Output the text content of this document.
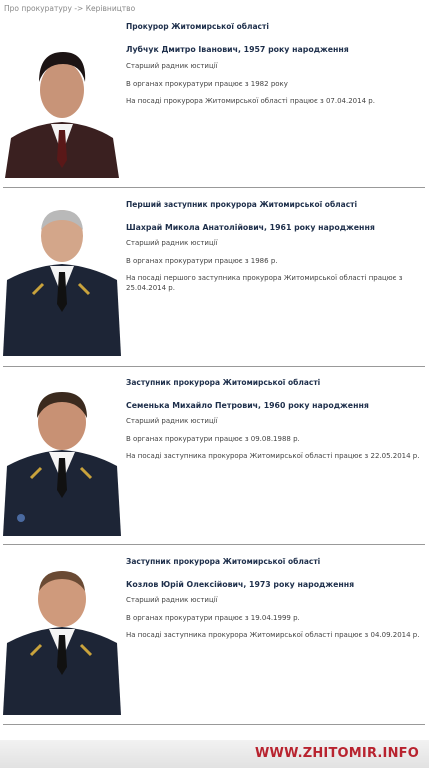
Про прокуратуру -> Керівництво
Прокурор Житомирської області
Лубчук Дмитро Іванович, 1957 року народження
Старший радник юстиції
В органах прокуратури працює з 1982 року
На посаді прокурора Житомирської області працює з 07.04.2014 р.
Перший заступник прокурора Житомирської області
Шахрай Микола Анатолійович, 1961 року народження
Старший радник юстиції
В органах прокуратури працює з 1986 р.
На посаді першого заступника прокурора Житомирської області працює з 25.04.2014 р.
Заступник прокурора Житомирської області
Семенька Михайло Петрович, 1960 року народження
Старший радник юстиції
В органах прокуратури працює з 09.08.1988 р.
На посаді заступника прокурора Житомирської області працює з 22.05.2014 р.
Заступник прокурора Житомирської області
Козлов Юрій Олексійович, 1973 року народження
Старший радник юстиції
В органах прокуратури працює з 19.04.1999 р.
На посаді заступника прокурора Житомирської області працює з 04.09.2014 р.
WWW.ZHITOMIR.INFO
